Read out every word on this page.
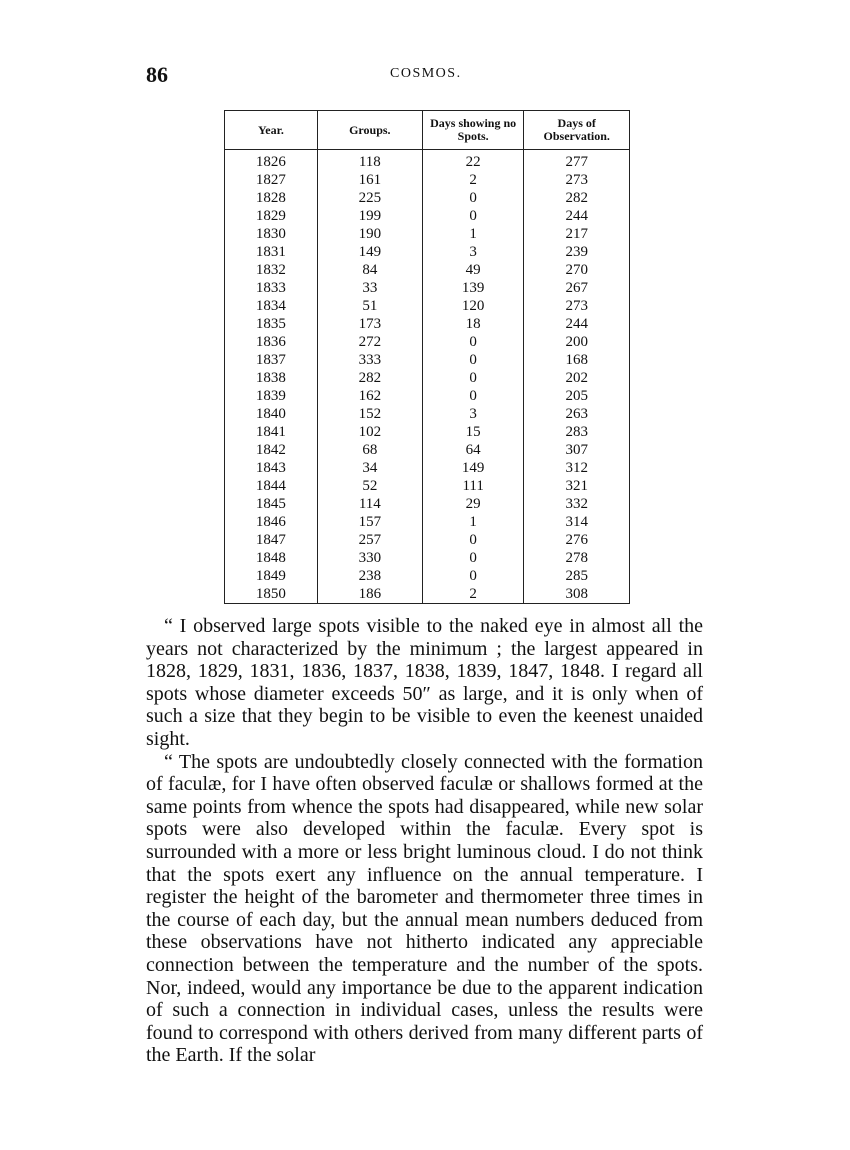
86	COSMOS.
Year.	Groups.	Days showing no Spots.	Days of Observation.
1826	118	22	277
1827	161	2	273
1828	225	0	282
1829	199	0	244
1830	190	1	217
1831	149	3	239
1832	84	49	270
1833	33	139	267
1834	51	120	273
1835	173	18	244
1836	272	0	200
1837	333	0	168
1838	282	0	202
1839	162	0	205
1840	152	3	263
1841	102	15	283
1842	68	64	307
1843	34	149	312
1844	52	111	321
1845	114	29	332
1846	157	1	314
1847	257	0	276
1848	330	0	278
1849	238	0	285
1850	186	2	308

“ I observed large spots visible to the naked eye in almost all the years not characterized by the minimum ; the largest appeared in 1828, 1829, 1831, 1836, 1837, 1838, 1839, 1847, 1848. I regard all spots whose diameter exceeds 50″ as large, and it is only when of such a size that they begin to be visible to even the keenest unaided sight.

“ The spots are undoubtedly closely connected with the formation of faculæ, for I have often observed faculæ or shallows formed at the same points from whence the spots had disappeared, while new solar spots were also developed within the faculæ. Every spot is surrounded with a more or less bright luminous cloud. I do not think that the spots exert any influence on the annual temperature. I register the height of the barometer and thermometer three times in the course of each day, but the annual mean numbers deduced from these observations have not hitherto indicated any appreciable connection between the temperature and the number of the spots. Nor, indeed, would any importance be due to the apparent indication of such a connection in individual cases, unless the results were found to correspond with others derived from many different parts of the Earth. If the solar
